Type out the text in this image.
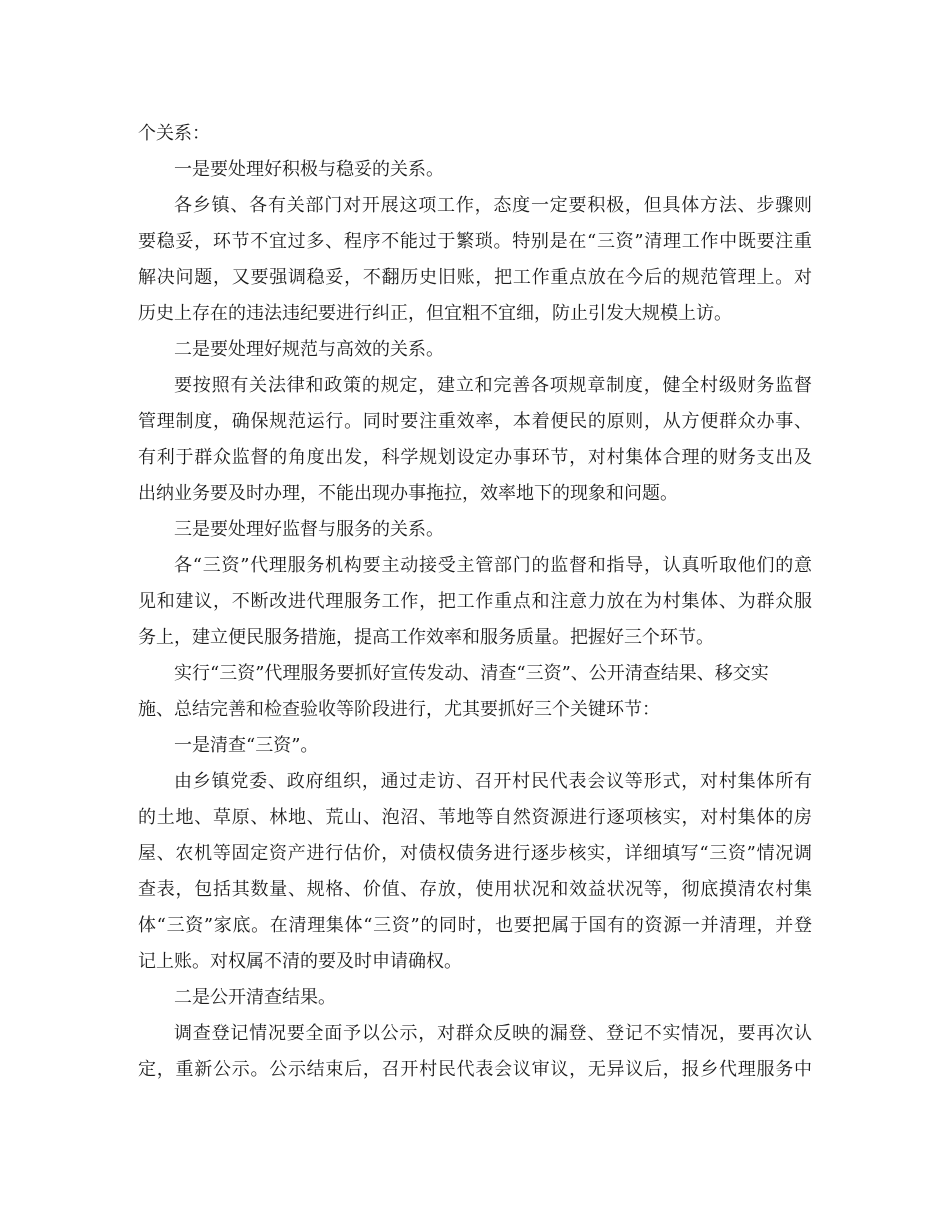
个关系：
一是要处理好积极与稳妥的关系。
各乡镇、各有关部门对开展这项工作，态度一定要积极，但具体方法、步骤则
要稳妥，环节不宜过多、程序不能过于繁琐。特别是在“三资”清理工作中既要注重
解决问题，又要强调稳妥，不翻历史旧账，把工作重点放在今后的规范管理上。对
历史上存在的违法违纪要进行纠正，但宜粗不宜细，防止引发大规模上访。
二是要处理好规范与高效的关系。
要按照有关法律和政策的规定，建立和完善各项规章制度，健全村级财务监督
管理制度，确保规范运行。同时要注重效率，本着便民的原则，从方便群众办事、
有利于群众监督的角度出发，科学规划设定办事环节，对村集体合理的财务支出及
出纳业务要及时办理，不能出现办事拖拉，效率地下的现象和问题。
三是要处理好监督与服务的关系。
各“三资”代理服务机构要主动接受主管部门的监督和指导，认真听取他们的意
见和建议，不断改进代理服务工作，把工作重点和注意力放在为村集体、为群众服
务上，建立便民服务措施，提高工作效率和服务质量。把握好三个环节。
实行“三资”代理服务要抓好宣传发动、清查“三资”、公开清查结果、移交实
施、总结完善和检查验收等阶段进行，尤其要抓好三个关键环节：
一是清查“三资”。
由乡镇党委、政府组织，通过走访、召开村民代表会议等形式，对村集体所有
的土地、草原、林地、荒山、泡沼、苇地等自然资源进行逐项核实，对村集体的房
屋、农机等固定资产进行估价，对债权债务进行逐步核实，详细填写“三资”情况调
查表，包括其数量、规格、价值、存放，使用状况和效益状况等，彻底摸清农村集
体“三资”家底。在清理集体“三资”的同时，也要把属于国有的资源一并清理，并登
记上账。对权属不清的要及时申请确权。
二是公开清查结果。
调查登记情况要全面予以公示，对群众反映的漏登、登记不实情况，要再次认
定，重新公示。公示结束后，召开村民代表会议审议，无异议后，报乡代理服务中
